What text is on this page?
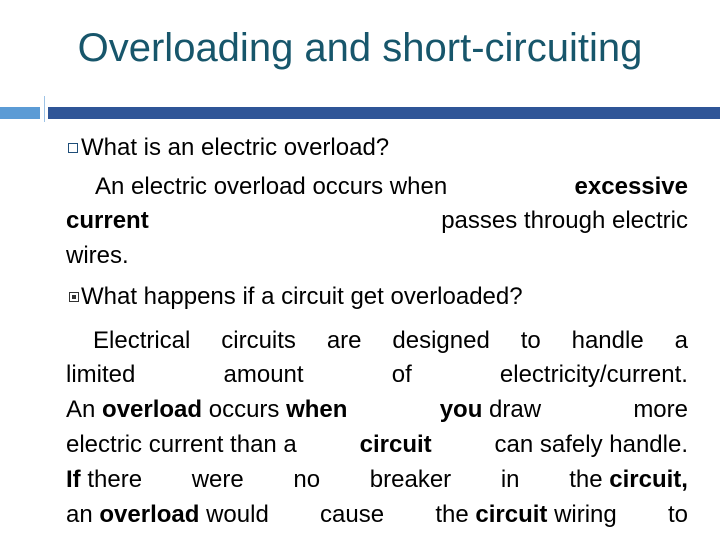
Overloading and short-circuiting
What is an electric overload?
An electric overload occurs when	excessive
current	passes through electric
wires.
What happens if a circuit get overloaded?
Electrical circuits are designed to handle a
limited	amount	of	electricity/current.
An overload occurs when	you draw	more
electric current than a	circuit	can safely handle.
If there were no breaker in the circuit,
an overload would cause the circuit wiring to
